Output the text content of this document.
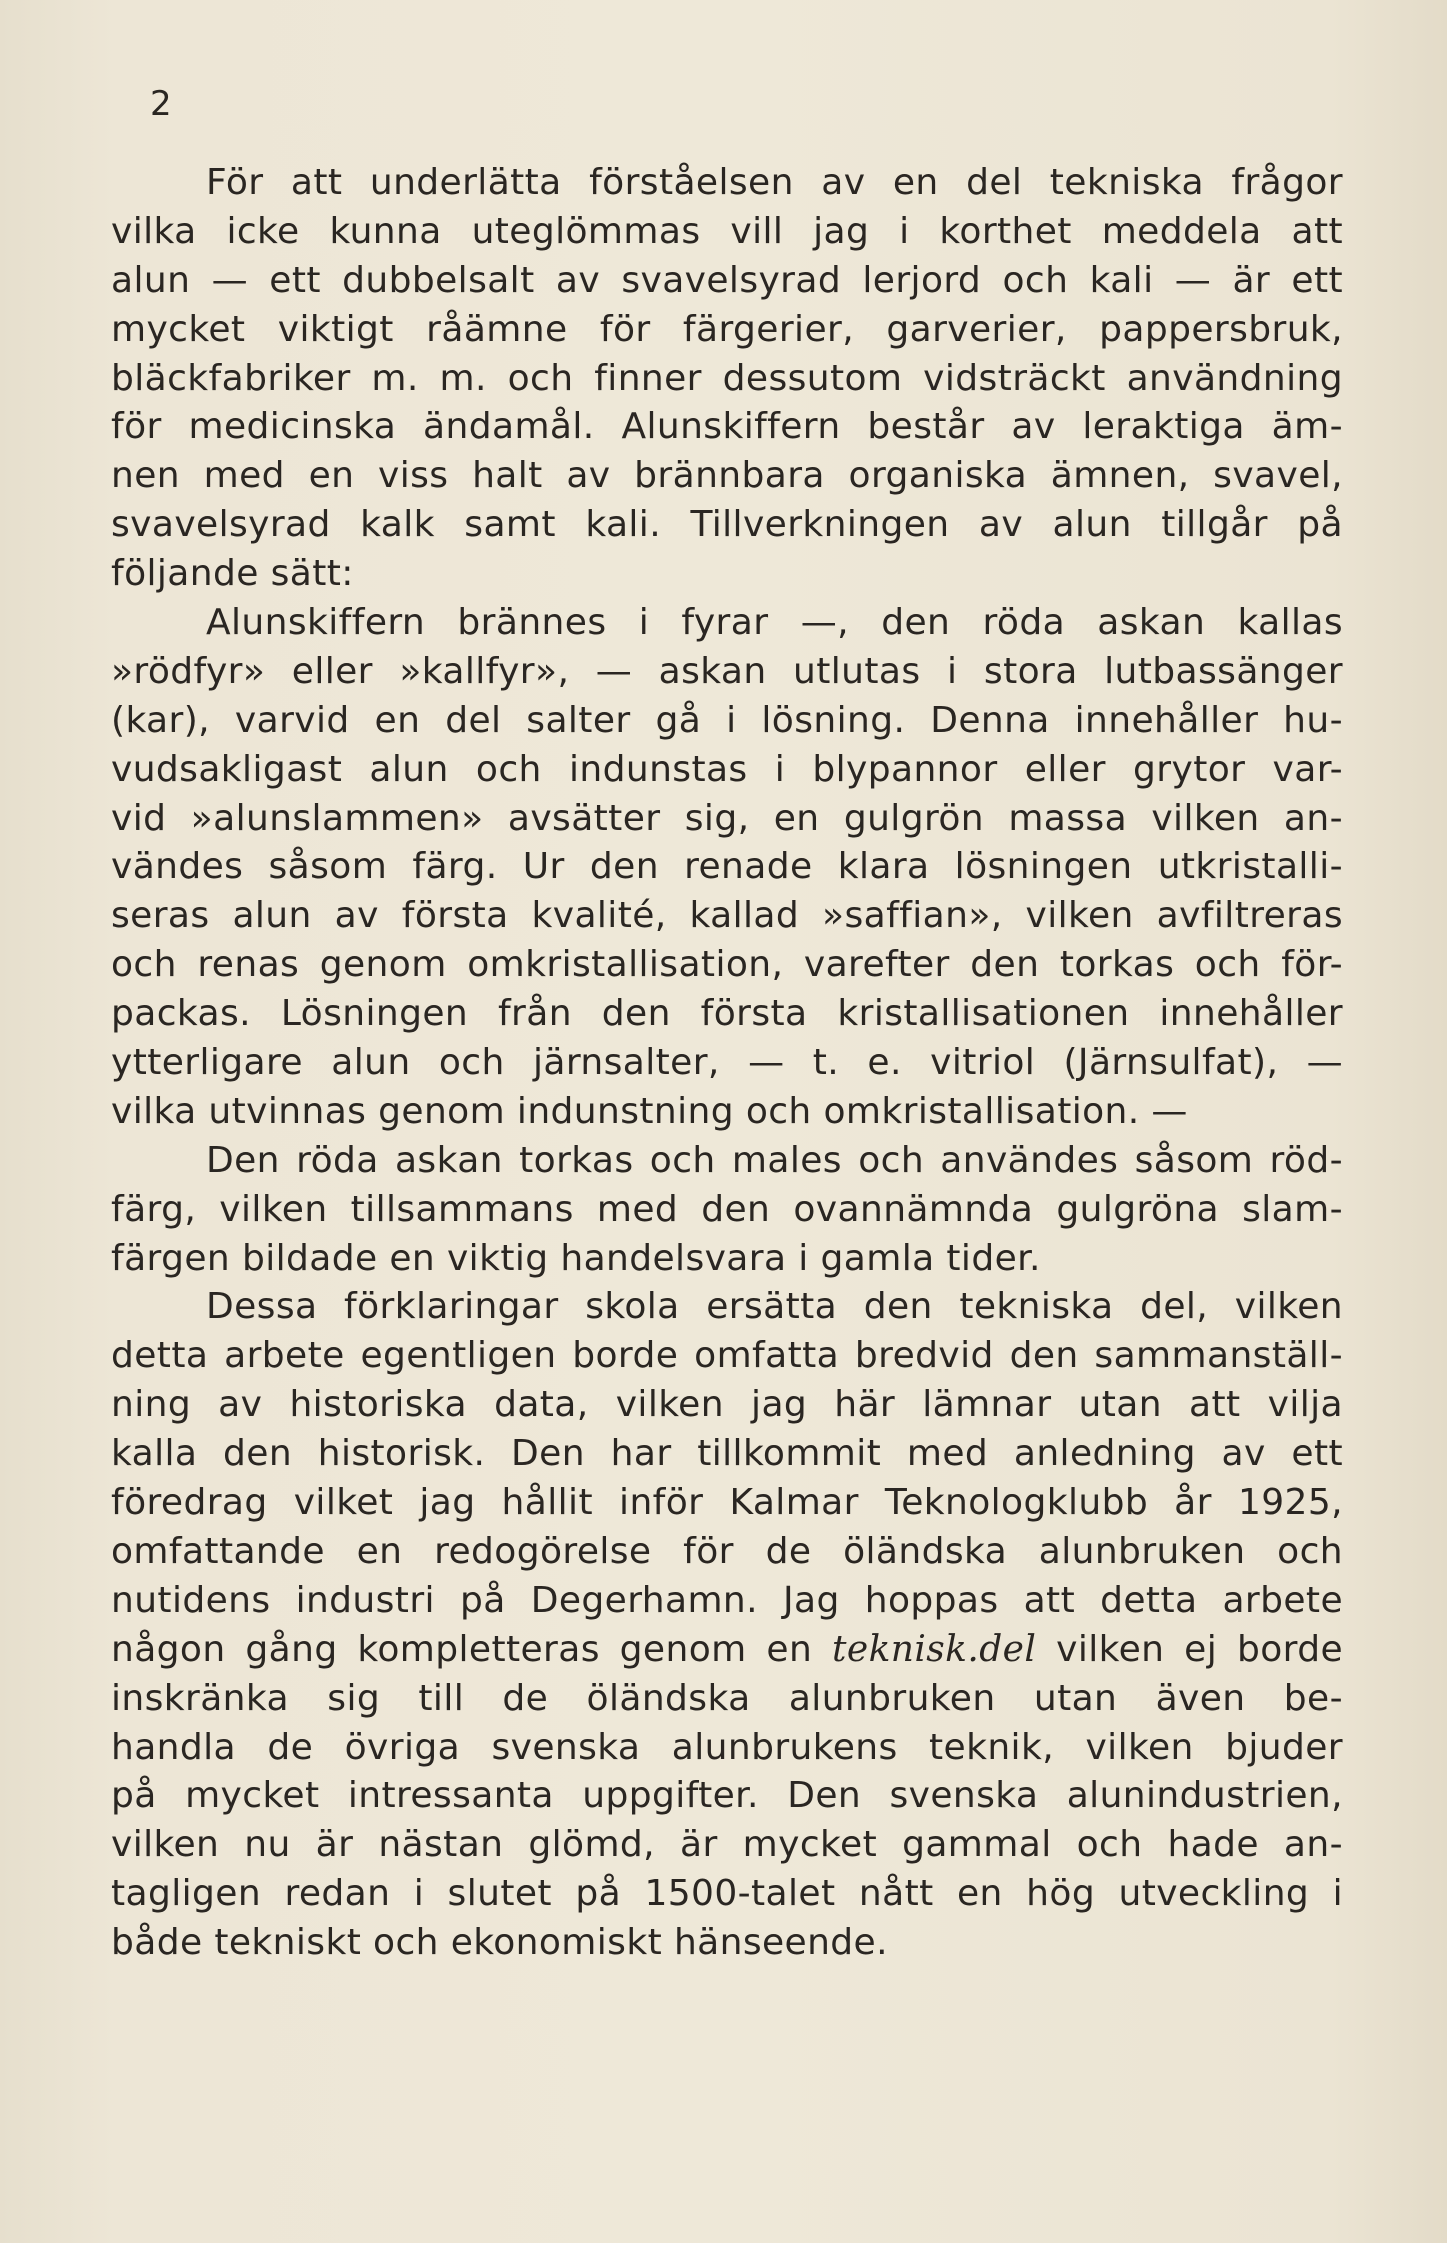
2
För att underlätta förståelsen av en del tekniska frågor
vilka icke kunna uteglömmas vill jag i korthet meddela att
alun — ett dubbelsalt av svavelsyrad lerjord och kali — är ett
mycket viktigt råämne för färgerier, garverier, pappersbruk,
bläckfabriker m. m. och finner dessutom vidsträckt användning
för medicinska ändamål. Alunskiffern består av leraktiga äm-
nen med en viss halt av brännbara organiska ämnen, svavel,
svavelsyrad kalk samt kali. Tillverkningen av alun tillgår på
följande sätt:
Alunskiffern brännes i fyrar —, den röda askan kallas
»rödfyr» eller »kallfyr», — askan utlutas i stora lutbassänger
(kar), varvid en del salter gå i lösning. Denna innehåller hu-
vudsakligast alun och indunstas i blypannor eller grytor var-
vid »alunslammen» avsätter sig, en gulgrön massa vilken an-
vändes såsom färg. Ur den renade klara lösningen utkristalli-
seras alun av första kvalité, kallad »saffian», vilken avfiltreras
och renas genom omkristallisation, varefter den torkas och för-
packas. Lösningen från den första kristallisationen innehåller
ytterligare alun och järnsalter, — t. e. vitriol (Järnsulfat), —
vilka utvinnas genom indunstning och omkristallisation. —
Den röda askan torkas och males och användes såsom röd-
färg, vilken tillsammans med den ovannämnda gulgröna slam-
färgen bildade en viktig handelsvara i gamla tider.
Dessa förklaringar skola ersätta den tekniska del, vilken
detta arbete egentligen borde omfatta bredvid den sammanställ-
ning av historiska data, vilken jag här lämnar utan att vilja
kalla den historisk. Den har tillkommit med anledning av ett
föredrag vilket jag hållit inför Kalmar Teknologklubb år 1925,
omfattande en redogörelse för de öländska alunbruken och
nutidens industri på Degerhamn. Jag hoppas att detta arbete
någon gång kompletteras genom en teknisk.del vilken ej borde
inskränka sig till de öländska alunbruken utan även be-
handla de övriga svenska alunbrukens teknik, vilken bjuder
på mycket intressanta uppgifter. Den svenska alunindustrien,
vilken nu är nästan glömd, är mycket gammal och hade an-
tagligen redan i slutet på 1500-talet nått en hög utveckling i
både tekniskt och ekonomiskt hänseende.
